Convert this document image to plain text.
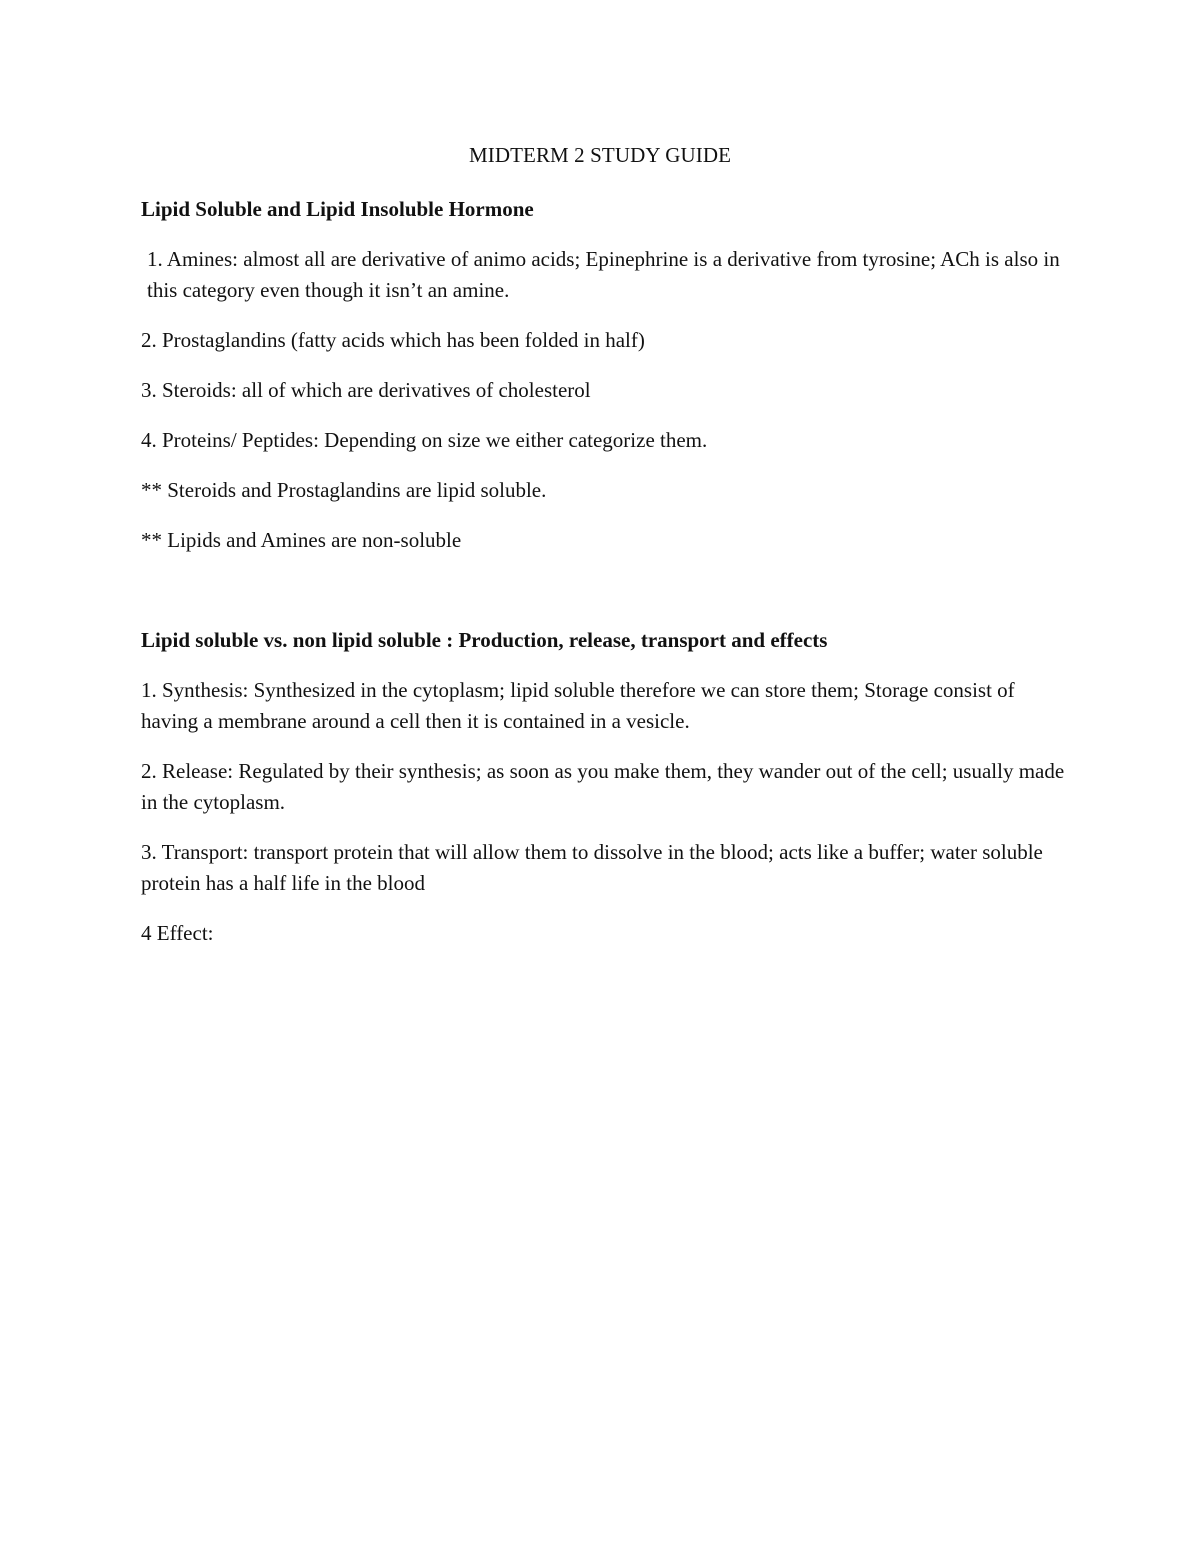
MIDTERM 2 STUDY GUIDE
Lipid Soluble and Lipid Insoluble Hormone
1. Amines: almost all are derivative of animo acids; Epinephrine is a derivative from tyrosine; ACh is also in this category even though it isn’t an amine.
2. Prostaglandins (fatty acids which has been folded in half)
3. Steroids: all of which are derivatives of cholesterol
4. Proteins/ Peptides: Depending on size we either categorize them.
** Steroids and Prostaglandins are lipid soluble.
** Lipids and Amines are non-soluble
Lipid soluble vs. non lipid soluble : Production, release, transport and effects
1. Synthesis: Synthesized in the cytoplasm; lipid soluble therefore we can store them; Storage consist of having a membrane around a cell then it is contained in a vesicle.
2. Release: Regulated by their synthesis; as soon as you make them, they wander out of the cell; usually made in the cytoplasm.
3. Transport: transport protein that will allow them to dissolve in the blood; acts like a buffer; water soluble protein has a half life in the blood
4 Effect:
